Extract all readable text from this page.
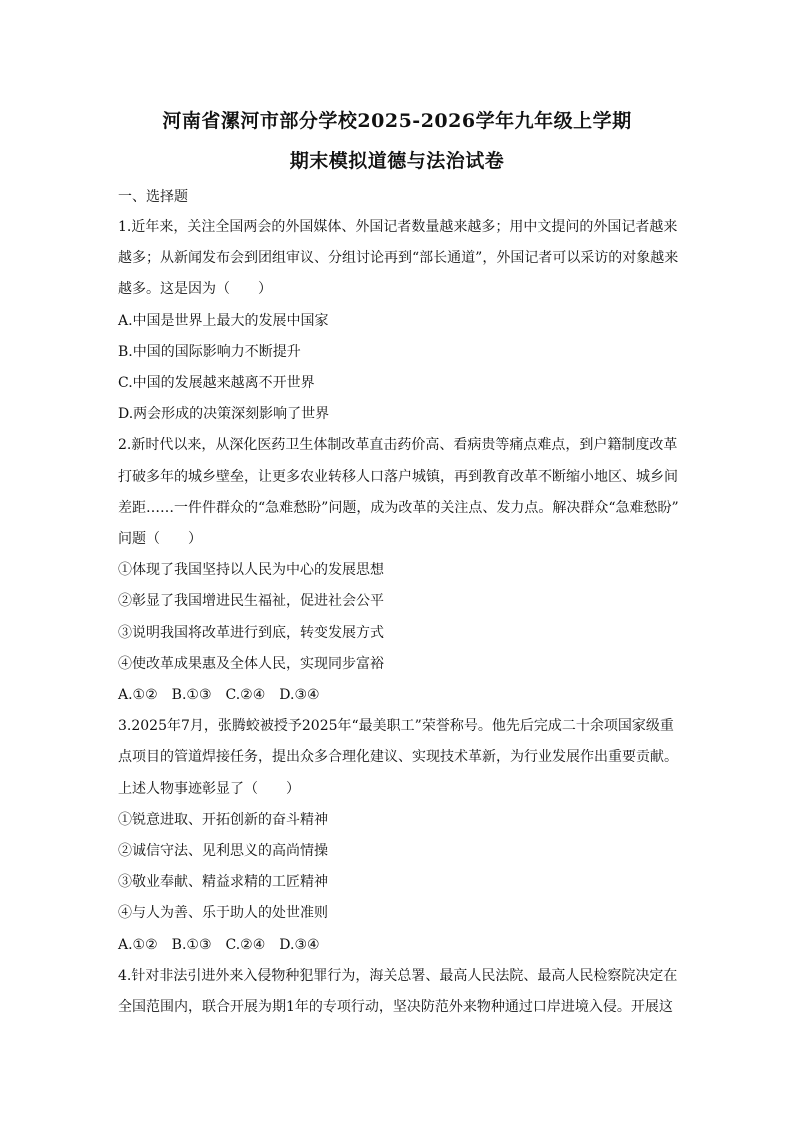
河南省漯河市部分学校2025-2026学年九年级上学期
期末模拟道德与法治试卷
一、选择题
1.近年来，关注全国两会的外国媒体、外国记者数量越来越多；用中文提问的外国记者越来
越多；从新闻发布会到团组审议、分组讨论再到“部长通道”，外国记者可以采访的对象越来
越多。这是因为（　　）
A.中国是世界上最大的发展中国家
B.中国的国际影响力不断提升
C.中国的发展越来越离不开世界
D.两会形成的决策深刻影响了世界
2.新时代以来，从深化医药卫生体制改革直击药价高、看病贵等痛点难点，到户籍制度改革
打破多年的城乡壁垒，让更多农业转移人口落户城镇，再到教育改革不断缩小地区、城乡间
差距……一件件群众的“急难愁盼”问题，成为改革的关注点、发力点。解决群众“急难愁盼”
问题（　　）
①体现了我国坚持以人民为中心的发展思想
②彰显了我国增进民生福祉，促进社会公平
③说明我国将改革进行到底，转变发展方式
④使改革成果惠及全体人民，实现同步富裕
A.①② B.①③ C.②④ D.③④
3.2025年7月，张腾蛟被授予2025年“最美职工”荣誉称号。他先后完成二十余项国家级重
点项目的管道焊接任务，提出众多合理化建议、实现技术革新，为行业发展作出重要贡献。
上述人物事迹彰显了（　　）
①锐意进取、开拓创新的奋斗精神
②诚信守法、见利思义的高尚情操
③敬业奉献、精益求精的工匠精神
④与人为善、乐于助人的处世准则
A.①② B.①③ C.②④ D.③④
4.针对非法引进外来入侵物种犯罪行为，海关总署、最高人民法院、最高人民检察院决定在
全国范围内，联合开展为期1年的专项行动，坚决防范外来物种通过口岸进境入侵。开展这
